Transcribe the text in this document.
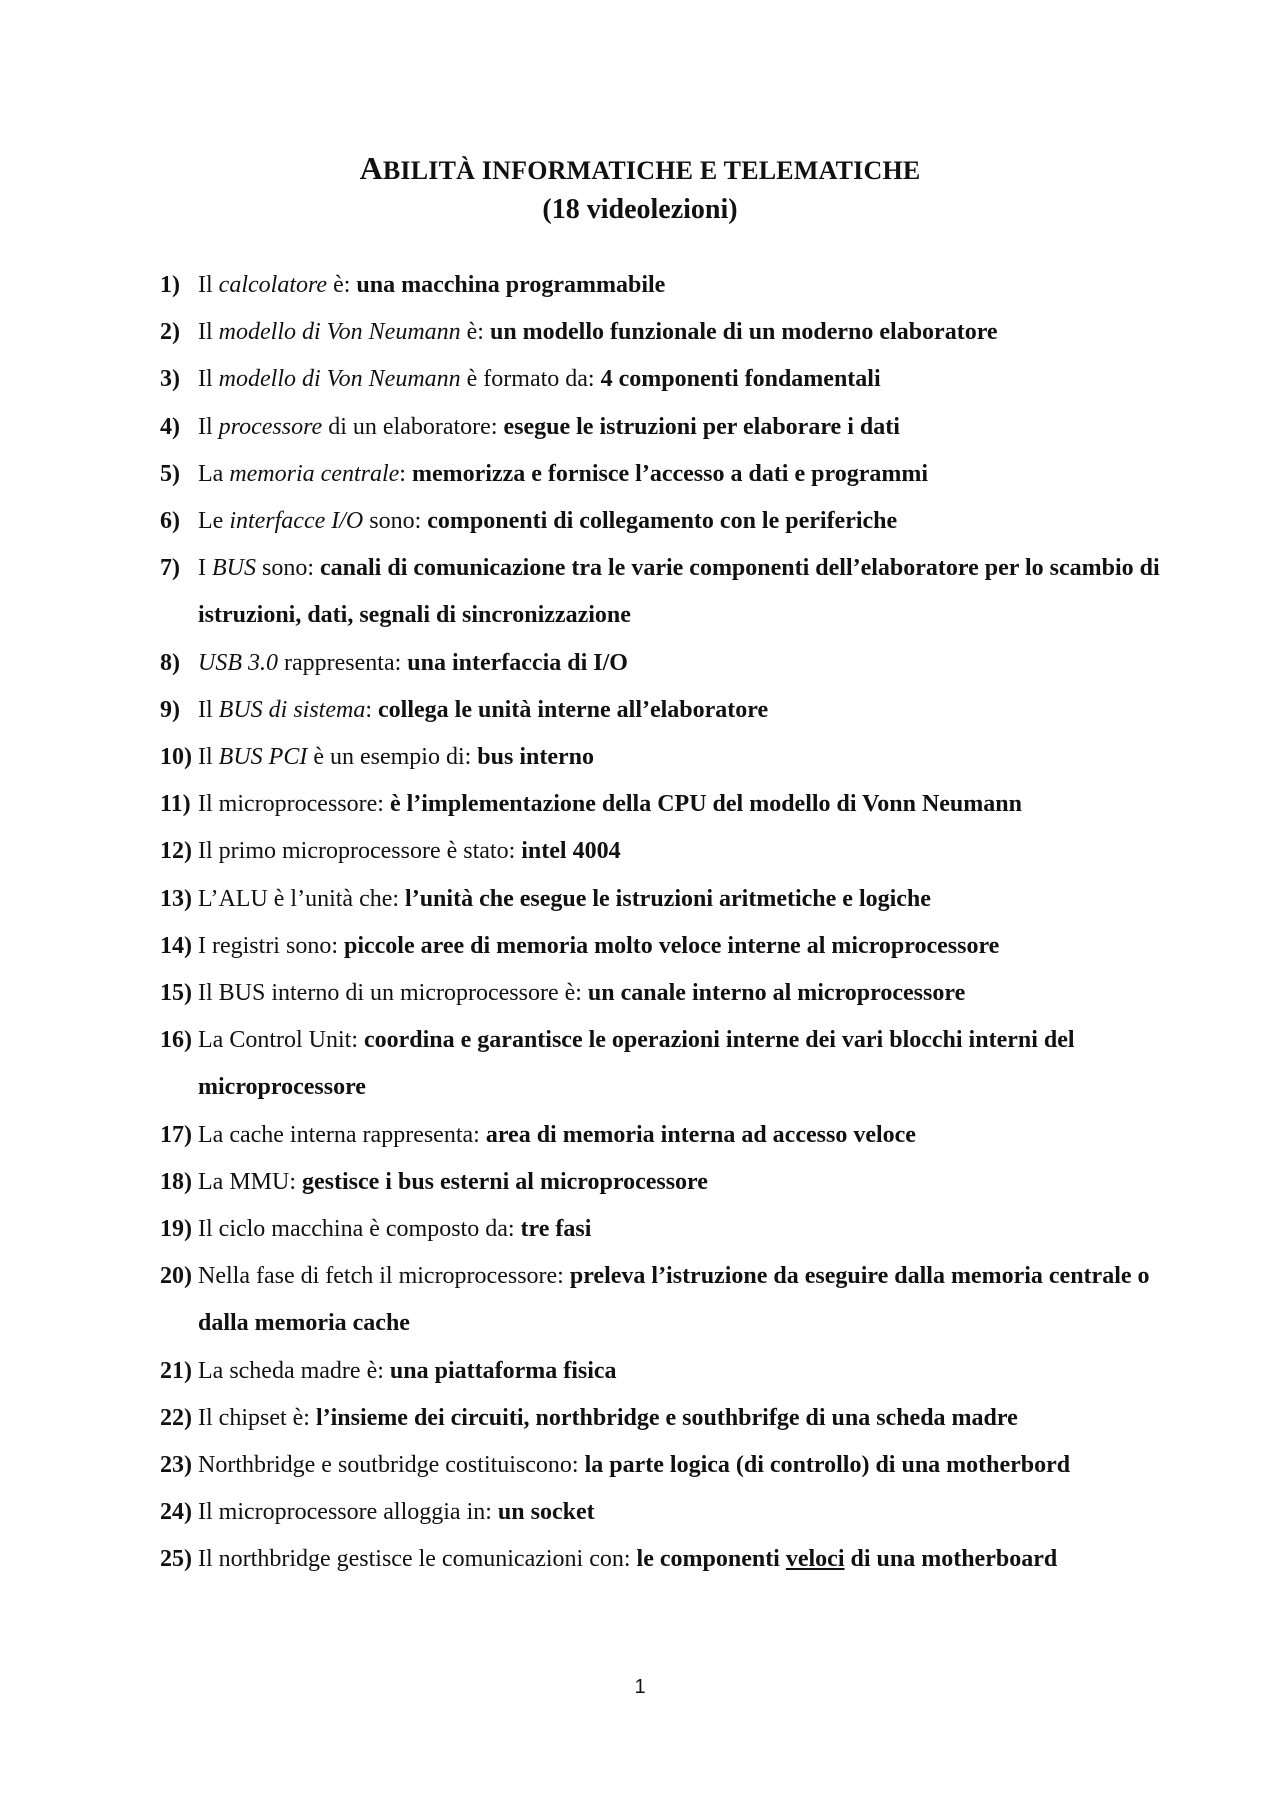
ABILITÀ INFORMATICHE E TELEMATICHE
(18 videolezioni)
1) Il calcolatore è: una macchina programmabile
2) Il modello di Von Neumann è: un modello funzionale di un moderno elaboratore
3) Il modello di Von Neumann è formato da: 4 componenti fondamentali
4) Il processore di un elaboratore: esegue le istruzioni per elaborare i dati
5) La memoria centrale: memorizza e fornisce l’accesso a dati e programmi
6) Le interfacce I/O sono: componenti di collegamento con le periferiche
7) I BUS sono: canali di comunicazione tra le varie componenti dell’elaboratore per lo scambio di istruzioni, dati, segnali di sincronizzazione
8) USB 3.0 rappresenta: una interfaccia di I/O
9) Il BUS di sistema: collega le unità interne all’elaboratore
10) Il BUS PCI è un esempio di: bus interno
11) Il microprocessore: è l’implementazione della CPU del modello di Vonn Neumann
12) Il primo microprocessore è stato: intel 4004
13) L’ALU è l’unità che: l’unità che esegue le istruzioni aritmetiche e logiche
14) I registri sono: piccole aree di memoria molto veloce interne al microprocessore
15) Il BUS interno di un microprocessore è: un canale interno al microprocessore
16) La Control Unit: coordina e garantisce le operazioni interne dei vari blocchi interni del microprocessore
17) La cache interna rappresenta: area di memoria interna ad accesso veloce
18) La MMU: gestisce i bus esterni al microprocessore
19) Il ciclo macchina è composto da: tre fasi
20) Nella fase di fetch il microprocessore: preleva l’istruzione da eseguire dalla memoria centrale o dalla memoria cache
21) La scheda madre è: una piattaforma fisica
22) Il chipset è: l’insieme dei circuiti, northbridge e southbrifge di una scheda madre
23) Northbridge e soutbridge costituiscono: la parte logica (di controllo) di una motherbord
24) Il microprocessore alloggia in: un socket
25) Il northbridge gestisce le comunicazioni con: le componenti veloci di una motherboard
1
